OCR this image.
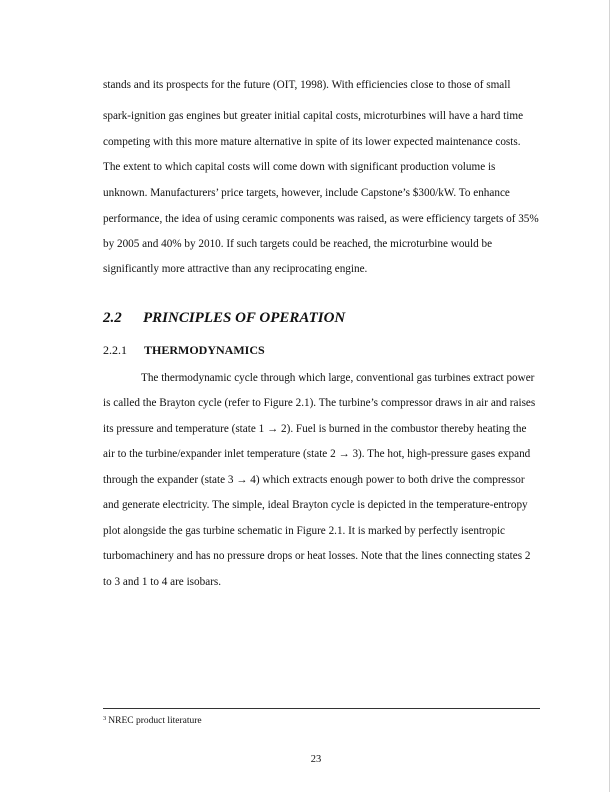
stands and its prospects for the future (OIT, 1998). With efficiencies close to those of small
spark-ignition gas engines but greater initial capital costs, microturbines will have a hard time
competing with this more mature alternative in spite of its lower expected maintenance costs.
The extent to which capital costs will come down with significant production volume is
unknown. Manufacturers’ price targets, however, include Capstone’s $300/kW. To enhance
performance, the idea of using ceramic components was raised, as were efficiency targets of 35%
by 2005 and 40% by 2010. If such targets could be reached, the microturbine would be
significantly more attractive than any reciprocating engine.
2.2 PRINCIPLES OF OPERATION
2.2.1 THERMODYNAMICS
The thermodynamic cycle through which large, conventional gas turbines extract power
is called the Brayton cycle (refer to Figure 2.1). The turbine’s compressor draws in air and raises
its pressure and temperature (state 1 → 2). Fuel is burned in the combustor thereby heating the
air to the turbine/expander inlet temperature (state 2 → 3). The hot, high-pressure gases expand
through the expander (state 3 → 4) which extracts enough power to both drive the compressor
and generate electricity. The simple, ideal Brayton cycle is depicted in the temperature-entropy
plot alongside the gas turbine schematic in Figure 2.1. It is marked by perfectly isentropic
turbomachinery and has no pressure drops or heat losses. Note that the lines connecting states 2
to 3 and 1 to 4 are isobars.
$^3$ NREC product literature
23
